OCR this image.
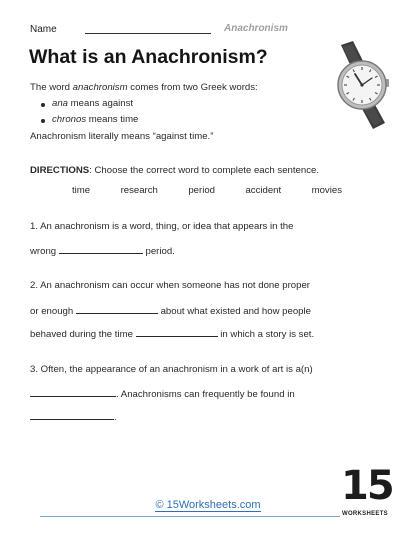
Name	Anachronism
What is an Anachronism?
The word anachronism comes from two Greek words:
ana means against
chronos means time
Anachronism literally means “against time.”
DIRECTIONS: Choose the correct word to complete each sentence.
time	research	period	accident	movies
1. An anachronism is a word, thing, or idea that appears in the
wrong	period.
2. An anachronism can occur when someone has not done proper
or enough	about what existed and how people
behaved during the time	in which a story is set.
3. Often, the appearance of an anachronism in a work of art is a(n)
. Anachronisms can frequently be found in
.
© 15Worksheets.com	15
WORKSHEETS
